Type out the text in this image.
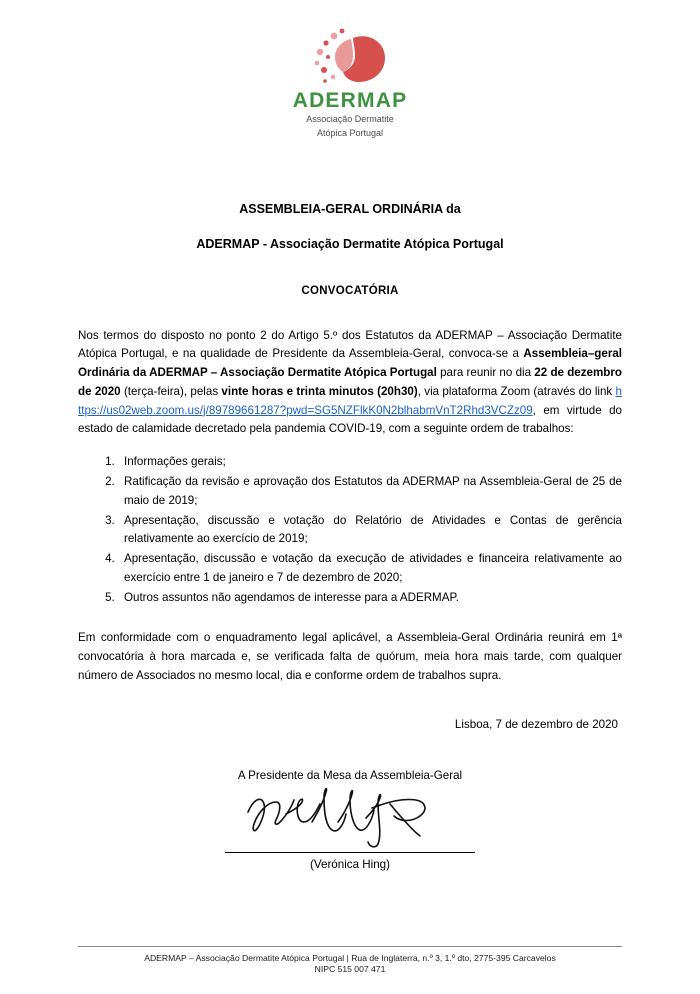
ADERMAP
Associação Dermatite
Atópica Portugal
ASSEMBLEIA-GERAL ORDINÁRIA da
ADERMAP - Associação Dermatite Atópica Portugal
CONVOCATÓRIA

Nos termos do disposto no ponto 2 do Artigo 5.º dos Estatutos da ADERMAP – Associação Dermatite Atópica Portugal, e na qualidade de Presidente da Assembleia-Geral, convoca-se a Assembleia–geral Ordinária da ADERMAP – Associação Dermatite Atópica Portugal para reunir no dia 22 de dezembro de 2020 (terça-feira), pelas vinte horas e trinta minutos (20h30), via plataforma Zoom (através do link https://us02web.zoom.us/j/89789661287?pwd=SG5NZFlkK0N2blhabmVnT2Rhd3VCZz09, em virtude do estado de calamidade decretado pela pandemia COVID-19, com a seguinte ordem de trabalhos:

1. Informações gerais;
2. Ratificação da revisão e aprovação dos Estatutos da ADERMAP na Assembleia-Geral de 25 de maio de 2019;
3. Apresentação, discussão e votação do Relatório de Atividades e Contas de gerência relativamente ao exercício de 2019;
4. Apresentação, discussão e votação da execução de atividades e financeira relativamente ao exercício entre 1 de janeiro e 7 de dezembro de 2020;
5. Outros assuntos não agendamos de interesse para a ADERMAP.

Em conformidade com o enquadramento legal aplicável, a Assembleia-Geral Ordinária reunirá em 1ª convocatória à hora marcada e, se verificada falta de quórum, meia hora mais tarde, com qualquer número de Associados no mesmo local, dia e conforme ordem de trabalhos supra.

Lisboa, 7 de dezembro de 2020
A Presidente da Mesa da Assembleia-Geral
(Verónica Hing)
ADERMAP – Associação Dermatite Atópica Portugal | Rua de Inglaterra, n.º 3, 1.º dto, 2775-395 Carcavelos
NIPC 515 007 471
